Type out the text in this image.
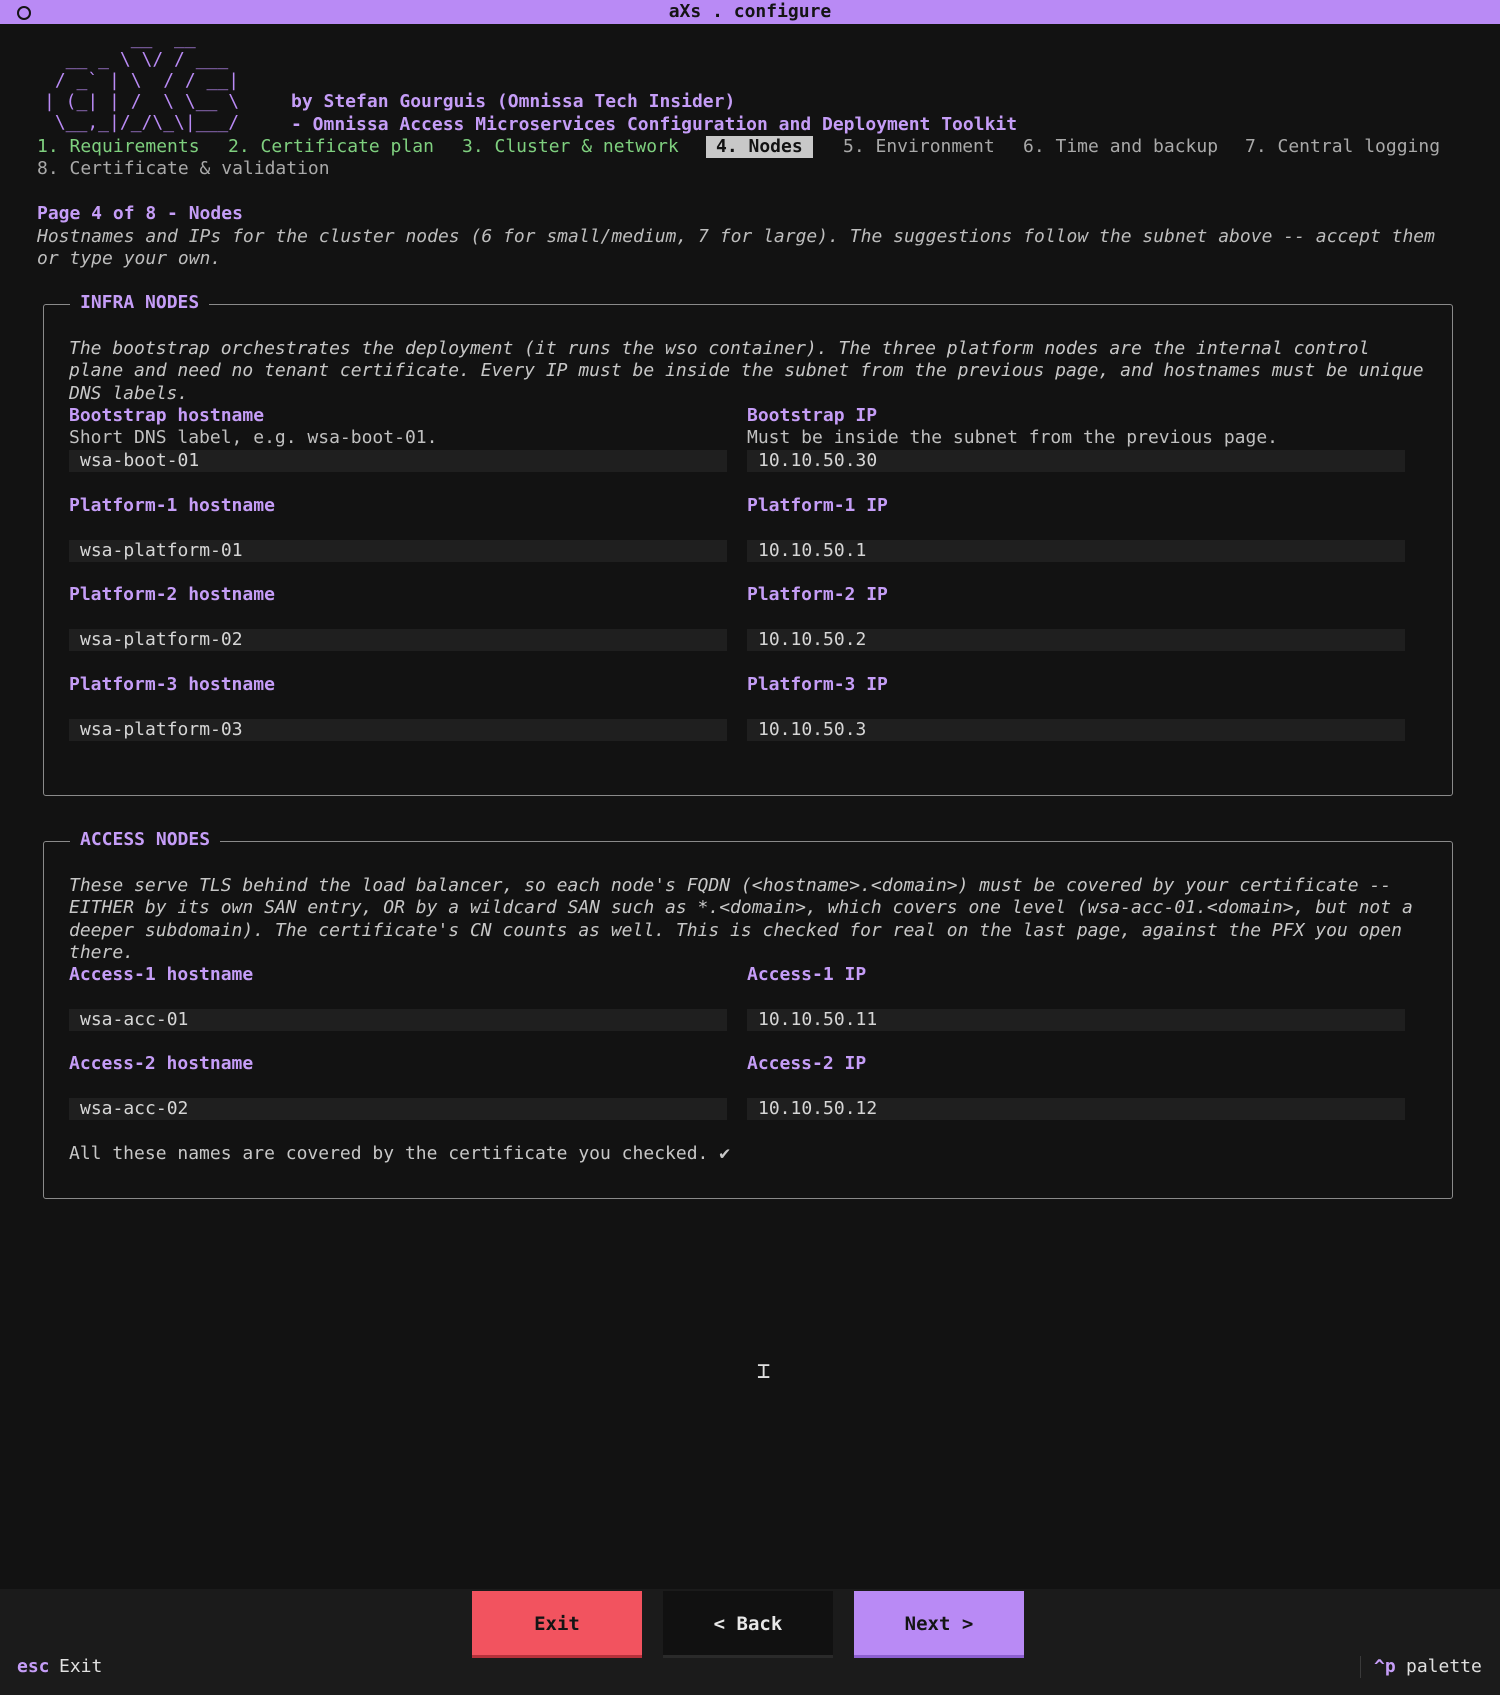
aXs . configure
__  __
__ _ \ \/ / ___
/ _` | \  / / __|
| (_| | /  \ \__ \
\__,_|/_/\_\|___/
by Stefan Gourguis (Omnissa Tech Insider)
- Omnissa Access Microservices Configuration and Deployment Toolkit
1. Requirements 2. Certificate plan 3. Cluster & network	4. Nodes	5. Environment 6. Time and backup 7. Central logging
8. Certificate & validation
Page 4 of 8 - Nodes
Hostnames and IPs for the cluster nodes (6 for small/medium, 7 for large). The suggestions follow the subnet above -- accept them or type your own.
INFRA NODES
The bootstrap orchestrates the deployment (it runs the wso container). The three platform nodes are the internal control plane and need no tenant certificate. Every IP must be inside the subnet from the previous page, and hostnames must be unique DNS labels.
Bootstrap hostname
Short DNS label, e.g. wsa-boot-01.
wsa-boot-01
Bootstrap IP
Must be inside the subnet from the previous page.
10.10.50.30
Platform-1 hostname
wsa-platform-01
Platform-1 IP
10.10.50.1
Platform-2 hostname
wsa-platform-02
Platform-2 IP
10.10.50.2
Platform-3 hostname
wsa-platform-03
Platform-3 IP
10.10.50.3
ACCESS NODES
These serve TLS behind the load balancer, so each node's FQDN (<hostname>.<domain>) must be covered by your certificate -- EITHER by its own SAN entry, OR by a wildcard SAN such as *.<domain>, which covers one level (wsa-acc-01.<domain>, but not a deeper subdomain). The certificate's CN counts as well. This is checked for real on the last page, against the PFX you open there.
Access-1 hostname
wsa-acc-01
Access-1 IP
10.10.50.11
Access-2 hostname
wsa-acc-02
Access-2 IP
10.10.50.12
All these names are covered by the certificate you checked. ✔
⌶
Exit	< Back	Next >
esc Exit	^p palette
